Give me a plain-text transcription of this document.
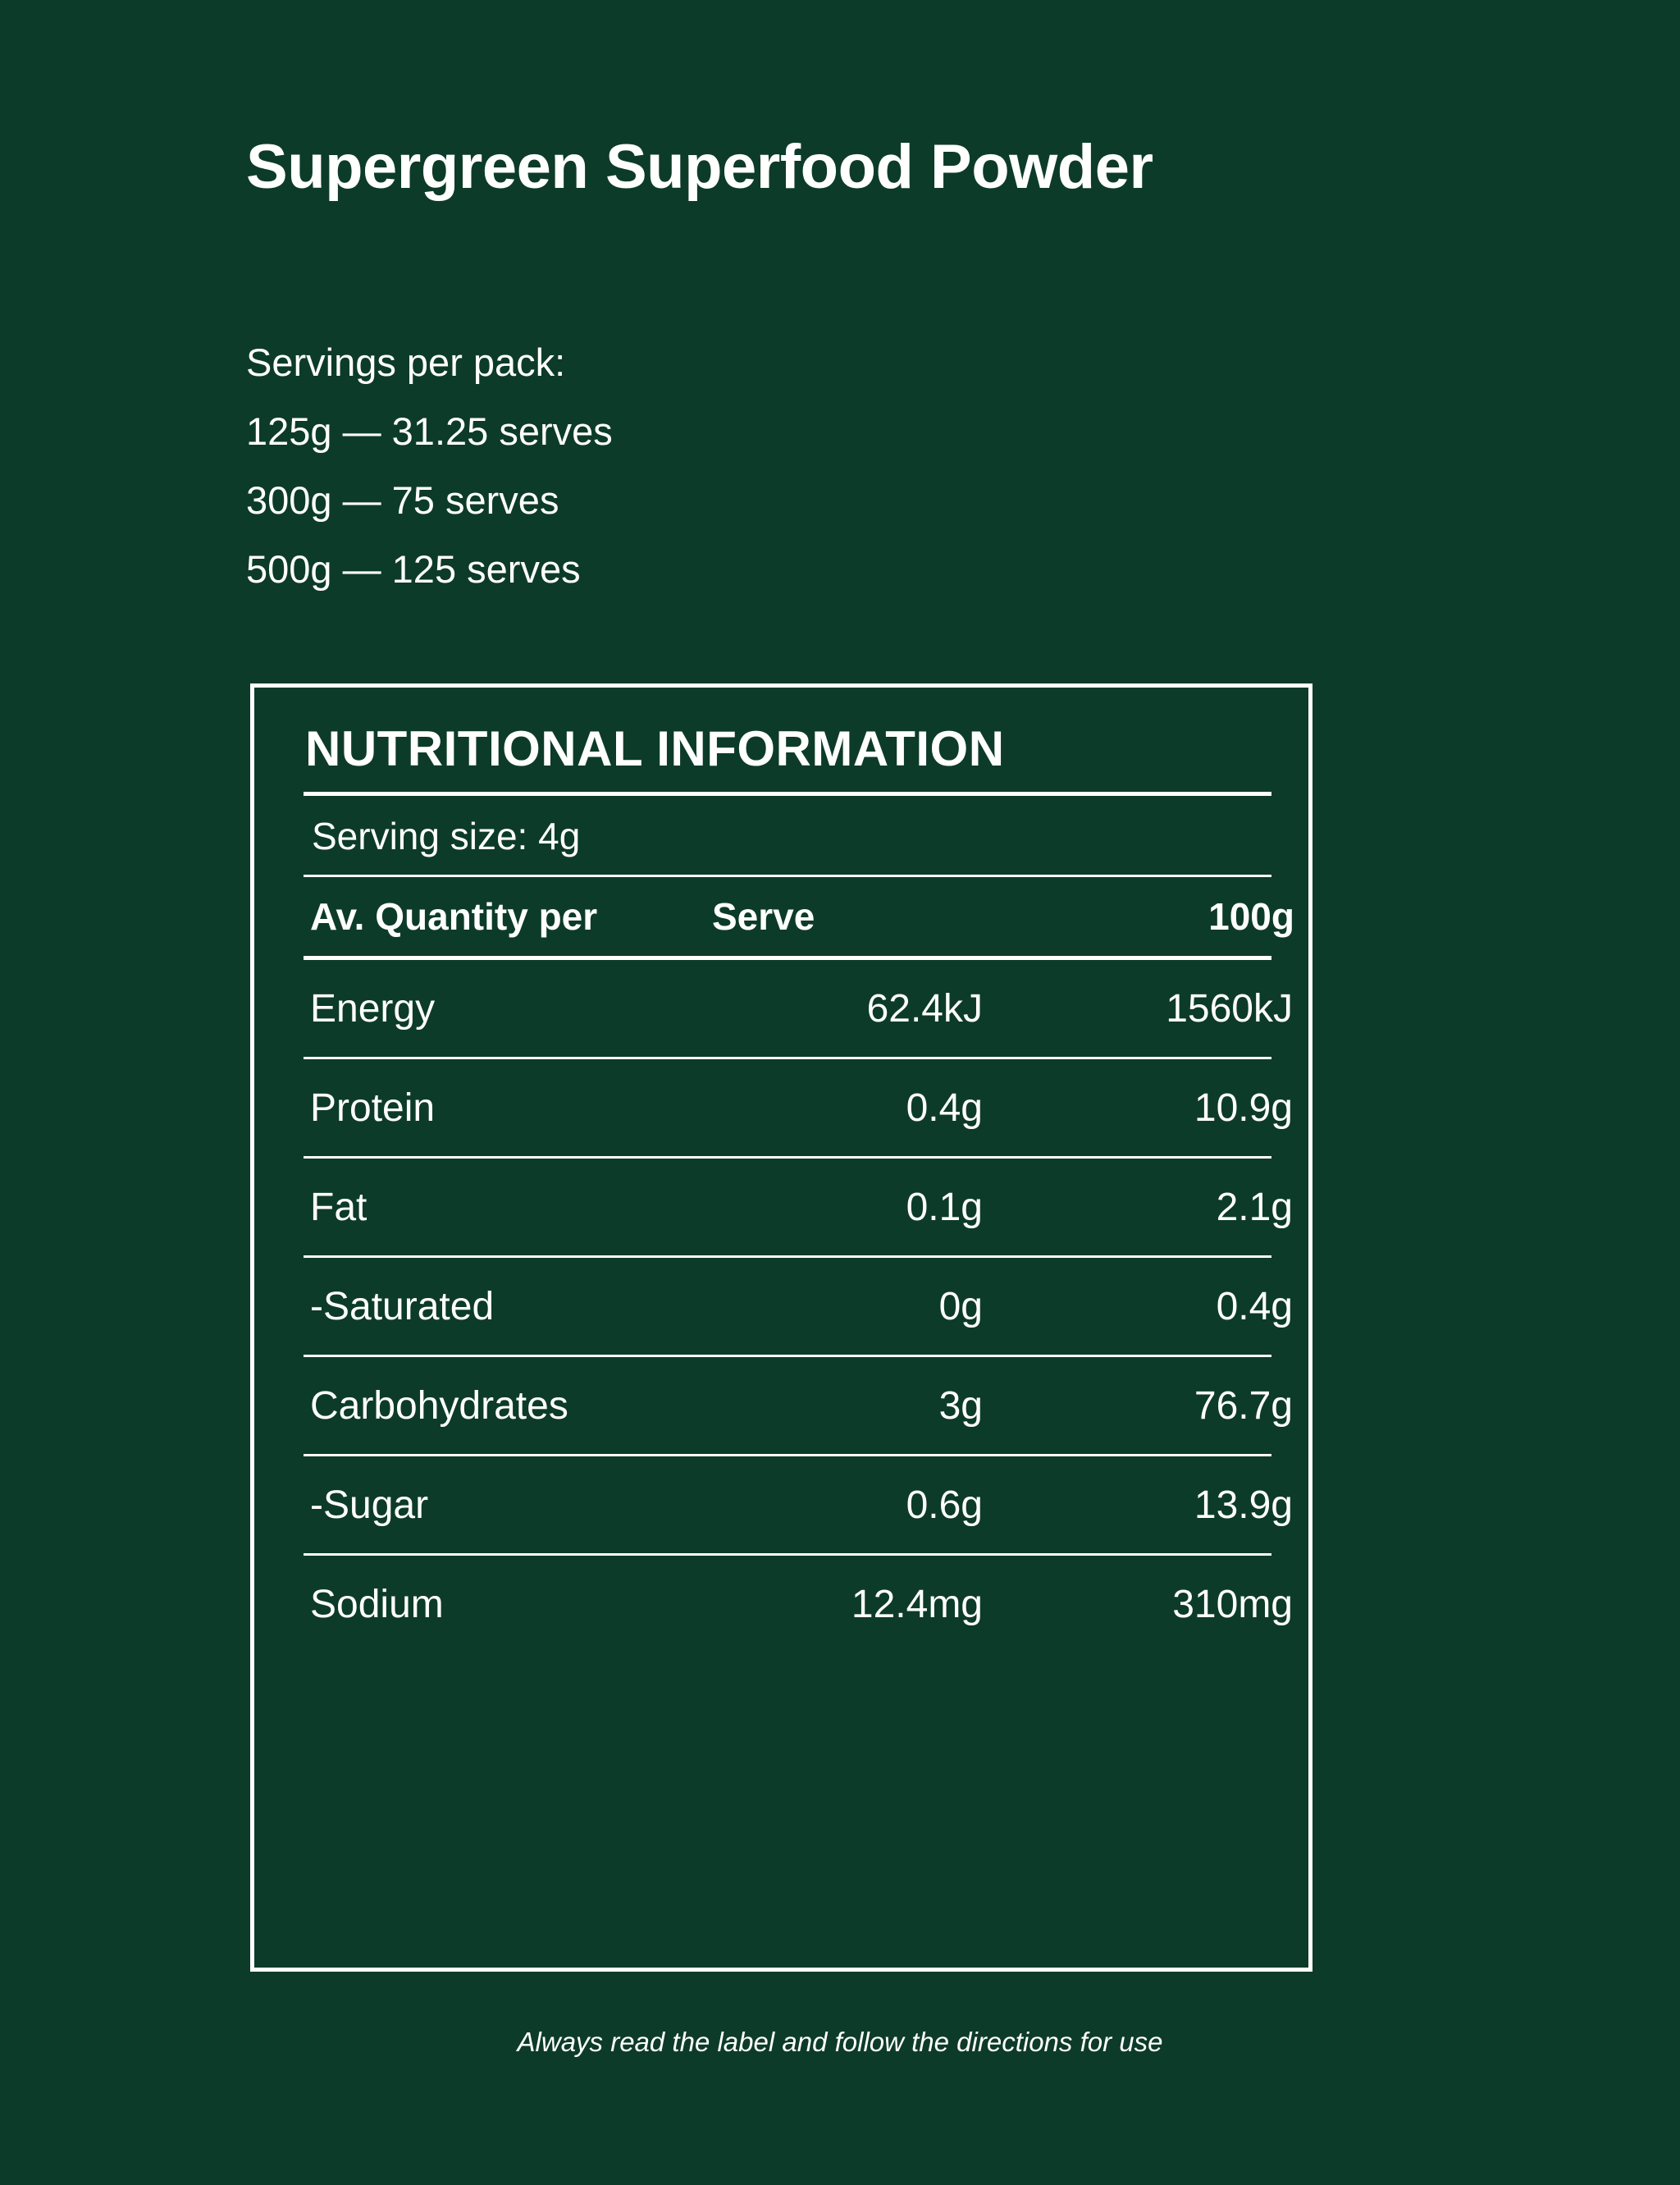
Supergreen Superfood Powder
Servings per pack:
125g — 31.25 serves
300g — 75 serves
500g — 125 serves
NUTRITIONAL INFORMATION
Serving size: 4g
Av. Quantity per	Serve	100g
Energy	62.4kJ	1560kJ
Protein	0.4g	10.9g
Fat	0.1g	2.1g
-Saturated	0g	0.4g
Carbohydrates	3g	76.7g
-Sugar	0.6g	13.9g
Sodium	12.4mg	310mg
Always read the label and follow the directions for use
